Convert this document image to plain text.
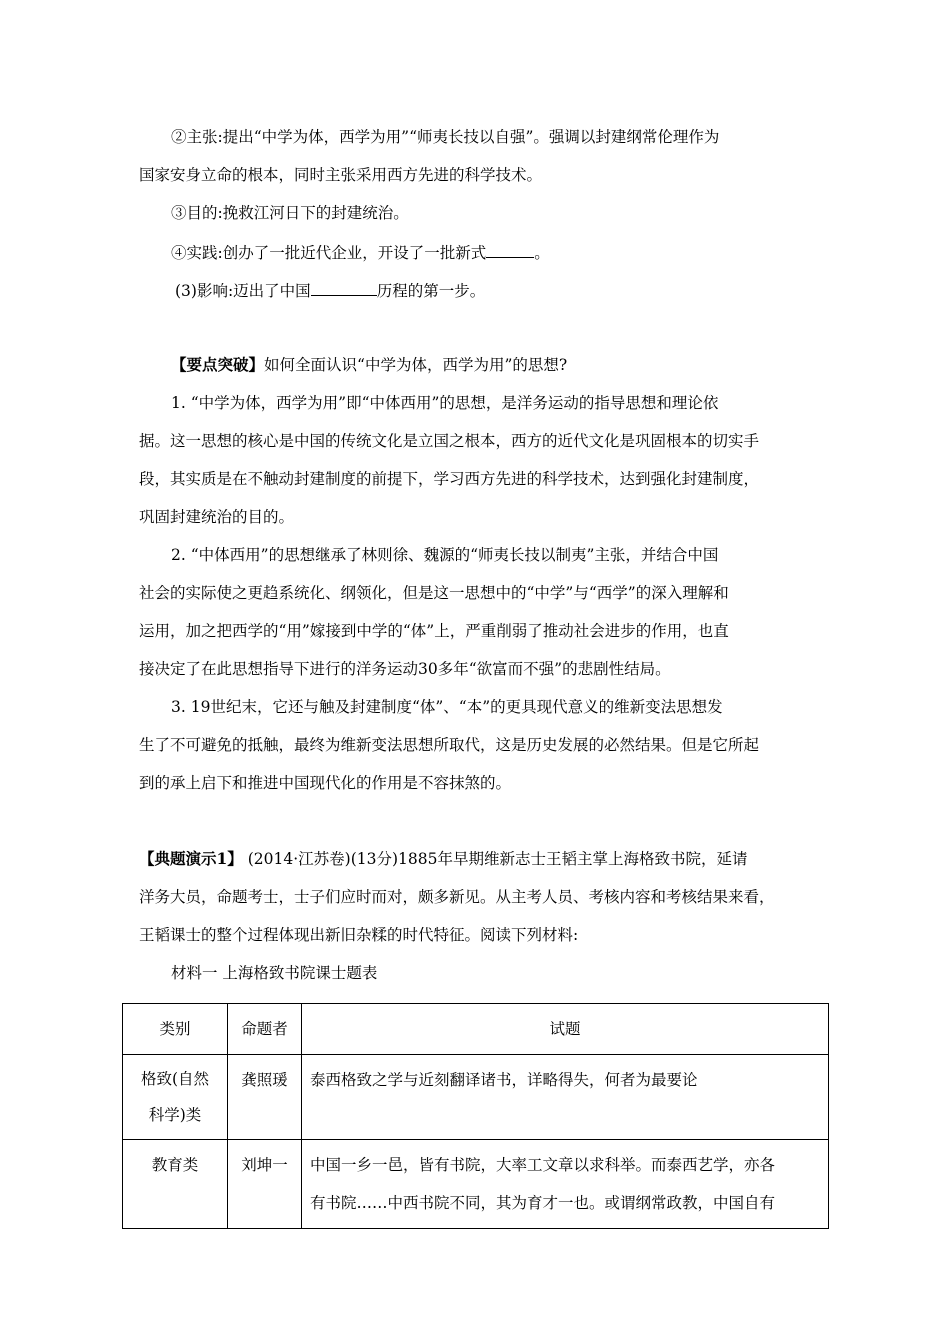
②主张:提出“中学为体，西学为用”“师夷长技以自强”。强调以封建纲常伦理作为
国家安身立命的根本，同时主张采用西方先进的科学技术。
③目的:挽救江河日下的封建统治。
④实践:创办了一批近代企业，开设了一批新式	。
(3)影响:迈出了中国	历程的第一步。
【要点突破】如何全面认识“中学为体，西学为用”的思想?
1. “中学为体，西学为用”即“中体西用”的思想，是洋务运动的指导思想和理论依
据。这一思想的核心是中国的传统文化是立国之根本，西方的近代文化是巩固根本的切实手
段，其实质是在不触动封建制度的前提下，学习西方先进的科学技术，达到强化封建制度，
巩固封建统治的目的。
2. “中体西用”的思想继承了林则徐、魏源的“师夷长技以制夷”主张，并结合中国
社会的实际使之更趋系统化、纲领化，但是这一思想中的“中学”与“西学”的深入理解和
运用，加之把西学的“用”嫁接到中学的“体”上，严重削弱了推动社会进步的作用，也直
接决定了在此思想指导下进行的洋务运动30多年“欲富而不强”的悲剧性结局。
3. 19世纪末，它还与触及封建制度“体”、“本”的更具现代意义的维新变法思想发
生了不可避免的抵触，最终为维新变法思想所取代，这是历史发展的必然结果。但是它所起
到的承上启下和推进中国现代化的作用是不容抹煞的。
【典题演示1】 (2014·江苏卷)(13分)1885年早期维新志士王韬主掌上海格致书院，延请
洋务大员，命题考士，士子们应时而对，颇多新见。从主考人员、考核内容和考核结果来看，
王韬课士的整个过程体现出新旧杂糅的时代特征。阅读下列材料:
材料一 上海格致书院课士题表
类别	命题者	试题

格致(自然
科学)类	龚照瑗	泰西格致之学与近刻翻译诸书，详略得失，何者为最要论
教育类	刘坤一	中国一乡一邑，皆有书院，大率工文章以求科举。而泰西艺学，亦各
有书院……中西书院不同，其为育才一也。或谓纲常政教，中国自有
